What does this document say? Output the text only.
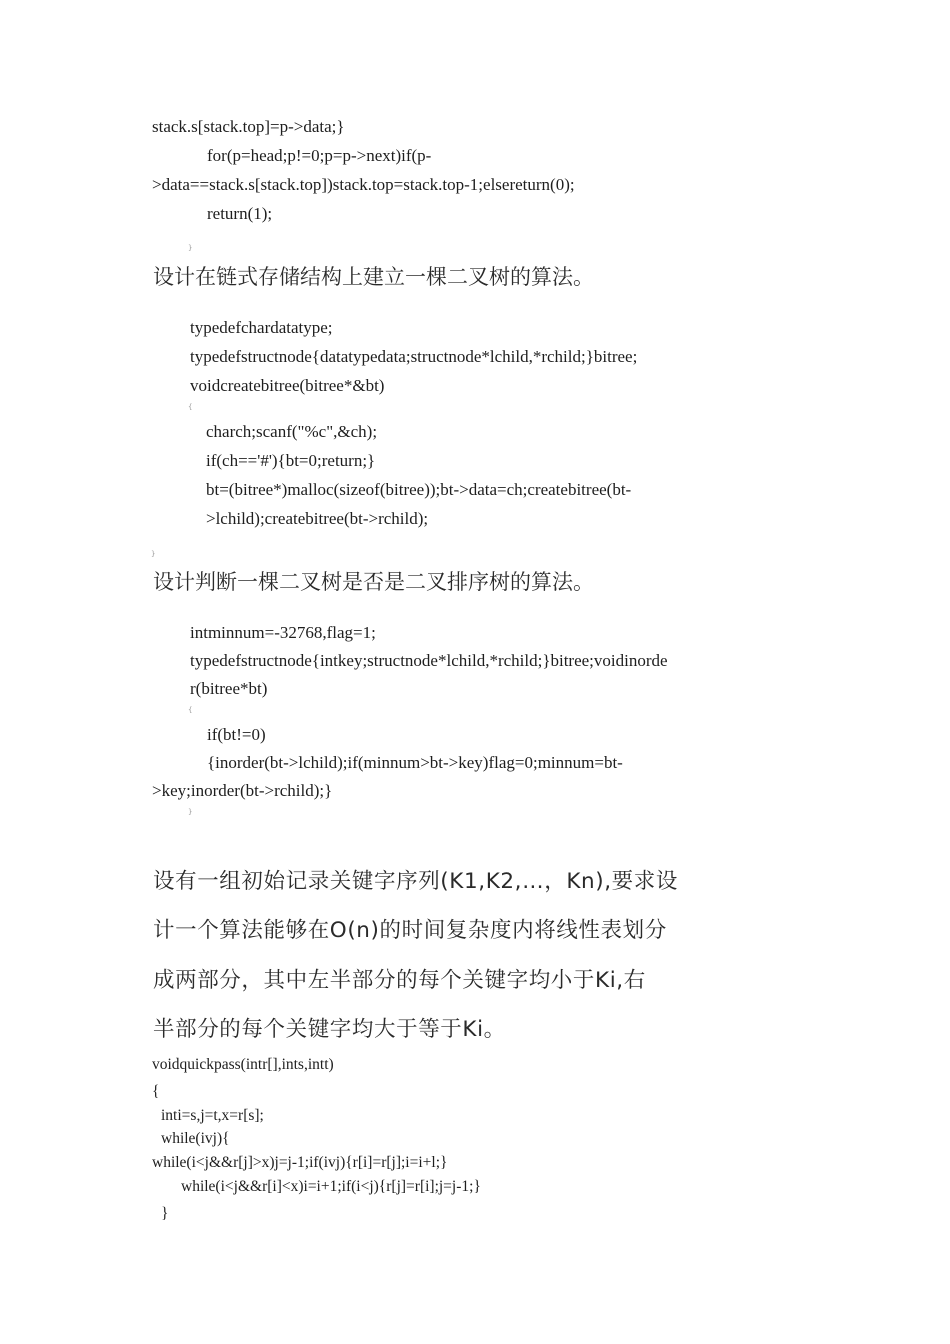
stack.s[stack.top]=p->data;}
for(p=head;p!=0;p=p->next)if(p-
>data==stack.s[stack.top])stack.top=stack.top-1;elsereturn(0);
return(1);
}
设计在链式存储结构上建立一棵二叉树的算法。
typedefchardatatype;
typedefstructnode{datatypedata;structnode*lchild,*rchild;}bitree;
voidcreatebitree(bitree*&bt)
{
charch;scanf("%c",&ch);
if(ch=='#'){bt=0;return;}
bt=(bitree*)malloc(sizeof(bitree));bt->data=ch;createbitree(bt-
>lchild);createbitree(bt->rchild);
}
设计判断一棵二叉树是否是二叉排序树的算法。
intminnum=-32768,flag=1;
typedefstructnode{intkey;structnode*lchild,*rchild;}bitree;voidinorde
r(bitree*bt)
{
if(bt!=0)
{inorder(bt->lchild);if(minnum>bt->key)flag=0;minnum=bt-
>key;inorder(bt->rchild);}
}
设有一组初始记录关键字序列(K1,K2,…，Kn),要求设
计一个算法能够在O(n)的时间复杂度内将线性表划分
成两部分，其中左半部分的每个关键字均小于Ki,右
半部分的每个关键字均大于等于Ki。
voidquickpass(intr[],ints,intt)
{
inti=s,j=t,x=r[s];
while(ivj){
while(i<j&&r[j]>x)j=j-1;if(ivj){r[i]=r[j];i=i+l;}
while(i<j&&r[i]<x)i=i+1;if(i<j){r[j]=r[i];j=j-1;}
}
